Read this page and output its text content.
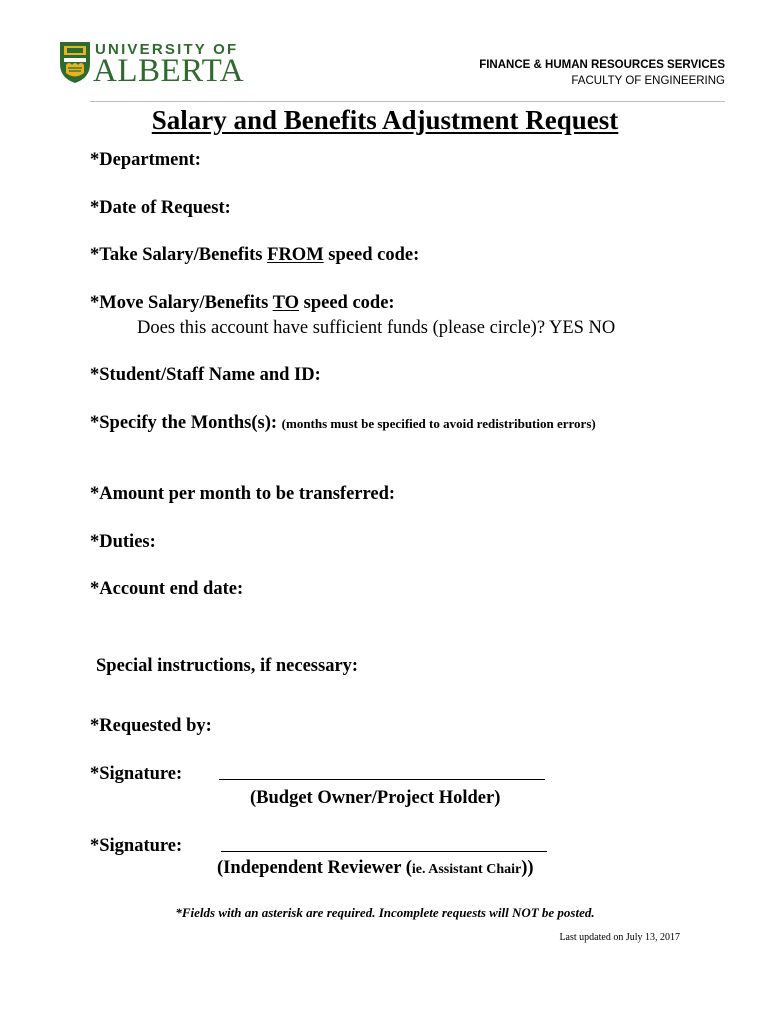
UNIVERSITY OF
ALBERTA	FINANCE & HUMAN RESOURCES SERVICES
FACULTY OF ENGINEERING
Salary and Benefits Adjustment Request
*Department:
*Date of Request:
*Take Salary/Benefits FROM speed code:
*Move Salary/Benefits TO speed code:
Does this account have sufficient funds (please circle)? YES NO
*Student/Staff Name and ID:
*Specify the Months(s): (months must be specified to avoid redistribution errors)
*Amount per month to be transferred:
*Duties:
*Account end date:
Special instructions, if necessary:
*Requested by:
*Signature:
(Budget Owner/Project Holder)
*Signature:
(Independent Reviewer (ie. Assistant Chair))
*Fields with an asterisk are required. Incomplete requests will NOT be posted.
Last updated on July 13, 2017
